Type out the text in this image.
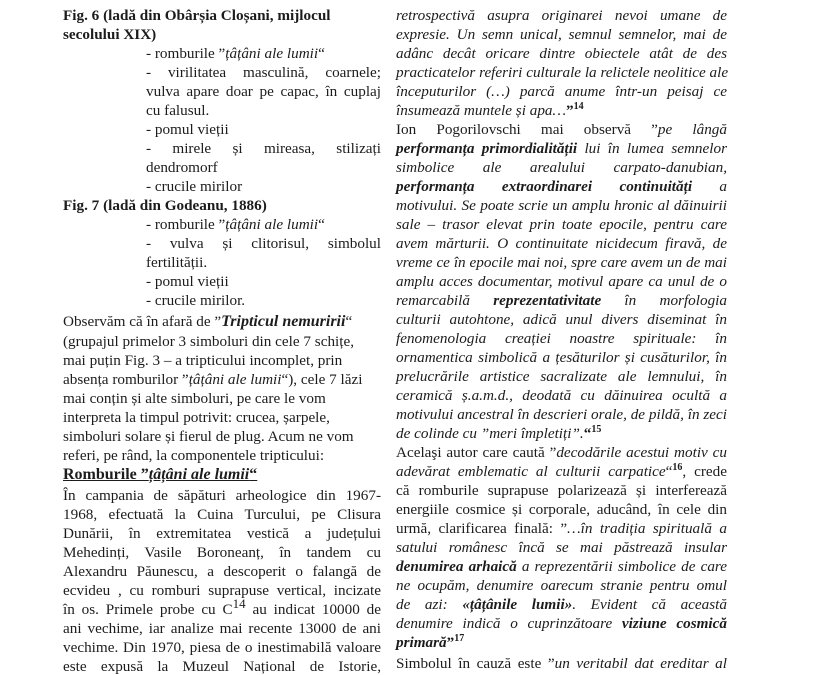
Fig. 6 (ladă din Obârșia Cloșani, mijlocul
secolului XIX)
- romburile ”țâțâni ale lumii“
- virilitatea masculină, coarnele;
vulva apare doar pe capac, în cuplaj
cu falusul.
- pomul vieții
- mirele și mireasa, stilizați
dendromorf
- crucile mirilor
Fig. 7 (ladă din Godeanu, 1886)
- romburile ”țâțâni ale lumii“
- vulva și clitorisul, simbolul
fertilității.
- pomul vieții
- crucile mirilor.
Observăm că în afară de ”Tripticul nemuririi“
(grupajul primelor 3 simboluri din cele 7 schițe,
mai puțin Fig. 3 – a tripticului incomplet, prin
absența romburilor ”țâțâni ale lumii“), cele 7 lăzi
mai conțin și alte simboluri, pe care le vom
interpreta la timpul potrivit: crucea, șarpele,
simboluri solare și fierul de plug. Acum ne vom
referi, pe rând, la componentele tripticului:
Romburile ”țâțâni ale lumii“
În campania de săpături arheologice din 1967-
1968, efectuată la Cuina Turcului, pe Clisura
Dunării, în extremitatea vestică a județului
Mehedinți, Vasile Boroneanț, în tandem cu
Alexandru Păunescu, a descoperit o falangă de
ecvideu , cu romburi suprapuse vertical, incizate
în os. Primele probe cu C14 au indicat 10000 de
ani vechime, iar analize mai recente 13000 de ani
vechime. Din 1970, piesa de o inestimabilă valoare
este expusă la Muzeul Național de Istorie,
retrospectivă asupra originarei nevoi umane de
expresie. Un semn unical, semnul semnelor, mai de
adânc decât oricare dintre obiectele atât de des
practicatelor referiri culturale la relictele neolitice ale
începuturilor (…) parcă anume într-un peisaj ce
însumează muntele și apa…”$^{14}$
Ion Pogorilovschi mai observă ”pe lângă
performanța primordialității lui în lumea semnelor
simbolice ale arealului carpato-danubian,
performanța extraordinarei continuități a
motivului. Se poate scrie un amplu hronic al dăinuirii
sale – trasor elevat prin toate epocile, pentru care
avem mărturii. O continuitate nicidecum firavă, de
vreme ce în epocile mai noi, spre care avem un de mai
amplu acces documentar, motivul apare ca unul de o
remarcabilă reprezentativitate în morfologia
culturii autohtone, adică unul divers diseminat în
fenomenologia creației noastre spirituale: în
ornamentica simbolică a țesăturilor și cusăturilor, în
prelucrările artistice sacralizate ale lemnului, în
ceramică ș.a.m.d., deodată cu dăinuirea ocultă a
motivului ancestral în descrieri orale, de pildă, în zeci
de colinde cu ”meri împletiți”.“$^{15}$
Acelaşi autor care caută ”decodările acestui motiv cu
adevărat emblematic al culturii carpatice“$^{16}$, crede
că romburile suprapuse polarizează și interferează
energiile cosmice și corporale, aducând, în cele din
urmă, clarificarea finală: ”…în tradiția spirituală a
satului românesc încă se mai păstrează insular
denumirea arhaică a reprezentării simbolice de care
ne ocupăm, denumire oarecum stranie pentru omul
de azi: «țâțânile lumii». Evident că această
denumire indică o cuprinzătoare viziune cosmică
primară”$^{17}$
Simbolul în cauză este ”un veritabil dat ereditar al
